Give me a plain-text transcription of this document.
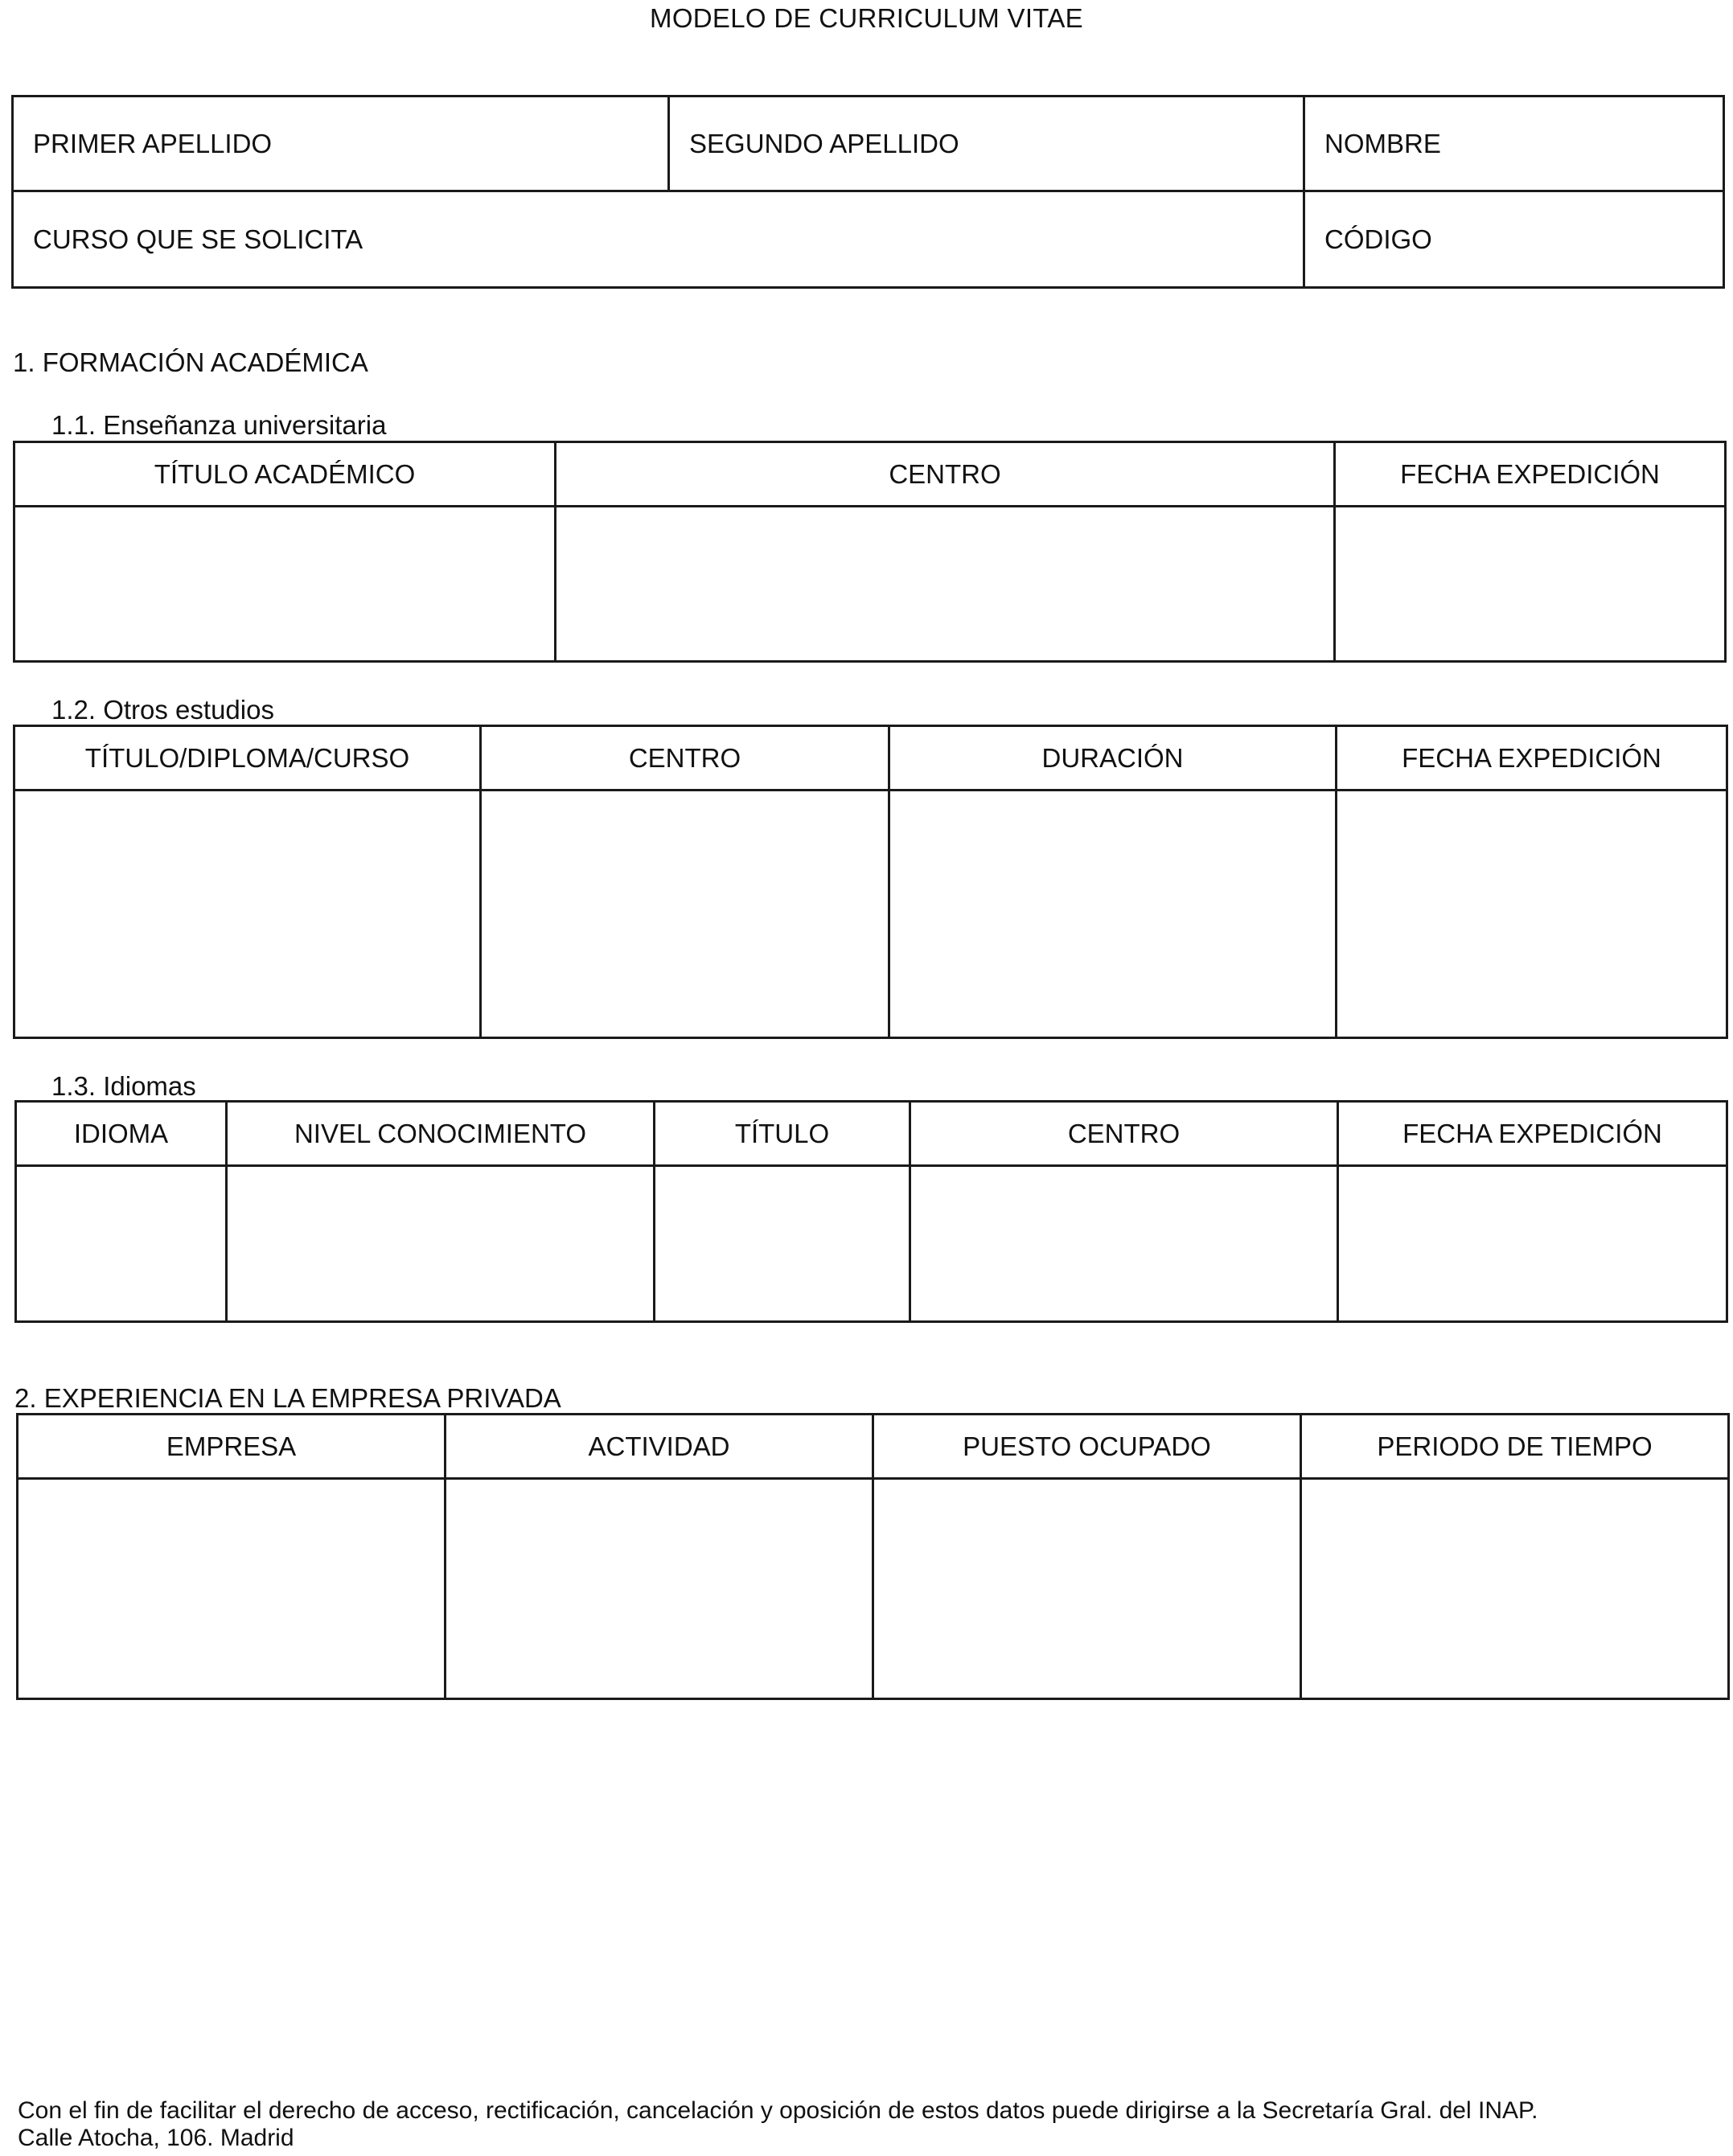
MODELO DE CURRICULUM VITAE
PRIMER APELLIDO	SEGUNDO APELLIDO	NOMBRE
CURSO QUE SE SOLICITA		CÓDIGO
1. FORMACIÓN ACADÉMICA
1.1. Enseñanza universitaria
TÍTULO ACADÉMICO	CENTRO	FECHA EXPEDICIÓN

1.2. Otros estudios
TÍTULO/DIPLOMA/CURSO	CENTRO	DURACIÓN	FECHA EXPEDICIÓN

1.3. Idiomas
IDIOMA	NIVEL CONOCIMIENTO	TÍTULO	CENTRO	FECHA EXPEDICIÓN

2. EXPERIENCIA EN LA EMPRESA PRIVADA
EMPRESA	ACTIVIDAD	PUESTO OCUPADO	PERIODO DE TIEMPO

Con el fin de facilitar el derecho de acceso, rectificación, cancelación y oposición de estos datos puede dirigirse a la Secretaría Gral. del INAP.
Calle Atocha, 106. Madrid
